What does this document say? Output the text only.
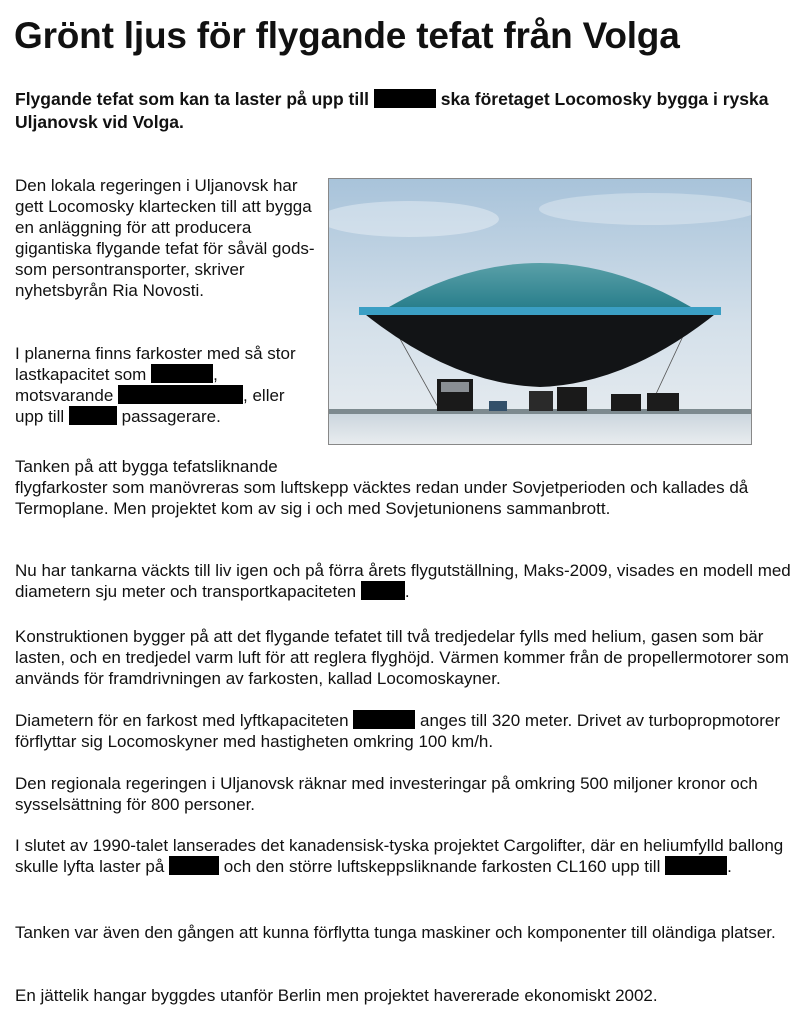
Grönt ljus för flygande tefat från Volga

Flygande tefat som kan ta laster på upp till	ska företaget Locomosky bygga i ryska Uljanovsk vid Volga.

Den lokala regeringen i Uljanovsk har gett Locomosky klartecken till att bygga en anläggning för att producera gigantiska flygande tefat för såväl gods- som persontransporter, skriver nyhetsbyrån Ria Novosti.

I planerna finns farkoster med så stor lastkapacitet som	,
motsvarande	, eller
upp till	passagerare.

Tanken på att bygga tefatsliknande
flygfarkoster som manövreras som luftskepp väcktes redan under Sovjetperioden och kallades då Termoplane. Men projektet kom av sig i och med Sovjetunionens sammanbrott.

Nu har tankarna väckts till liv igen och på förra årets flygutställning, Maks-2009, visades en modell med diametern sju meter och transportkapaciteten	.

Konstruktionen bygger på att det flygande tefatet till två tredjedelar fylls med helium, gasen som bär lasten, och en tredjedel varm luft för att reglera flyghöjd. Värmen kommer från de propellermotorer som används för framdrivningen av farkosten, kallad Locomoskayner.

Diametern för en farkost med lyftkapaciteten	anges till 320 meter. Drivet av turbopropmotorer förflyttar sig Locomoskyner med hastigheten omkring 100 km/h.

Den regionala regeringen i Uljanovsk räknar med investeringar på omkring 500 miljoner kronor och sysselsättning för 800 personer.

I slutet av 1990-talet lanserades det kanadensisk-tyska projektet Cargolifter, där en heliumfylld ballong skulle lyfta laster på	och den större luftskeppsliknande farkosten CL160 upp till	.

Tanken var även den gången att kunna förflytta tunga maskiner och komponenter till oländiga platser.

En jättelik hangar byggdes utanför Berlin men projektet havererade ekonomiskt 2002.
